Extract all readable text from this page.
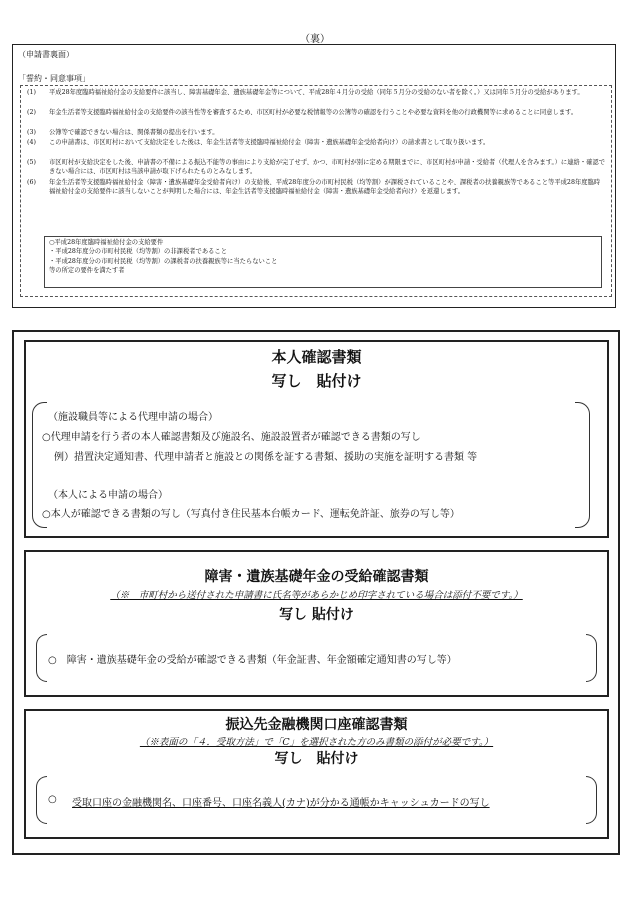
（裏）
（申請書裏面）
「誓約・同意事項」
(1) 平成28年度臨時福祉給付金の支給要件に該当し、障害基礎年金、遺族基礎年金等について、平成28年４月分の受給（同年５月分の受給のない者を除く。）又は同年５月分の受給があります。
(2) 年金生活者等支援臨時福祉給付金の支給要件の該当性等を審査するため、市区町村が必要な税情報等の公簿等の確認を行うことや必要な資料を他の行政機関等に求めることに同意します。
(3) 公簿等で確認できない場合は、関係書類の提出を行います。
(4) この申請書は、市区町村において支給決定をした後は、年金生活者等支援臨時福祉給付金（障害・遺族基礎年金受給者向け）の請求書として取り扱います。
(5) 市区町村が支給決定をした後、申請書の不備による振込不能等の事由により支給が完了せず、かつ、市町村が別に定める期限までに、市区町村が申請・受給者（代理人を含みます。）に連絡・確認できない場合には、市区町村は当該申請が取下げられたものとみなします。
(6) 年金生活者等支援臨時福祉給付金（障害・遺族基礎年金受給者向け）の支給後、平成28年度分の市町村民税（均等割）が課税されていることや、課税者の扶養親族等であること等平成28年度臨時福祉給付金の支給要件に該当しないことが判明した場合には、年金生活者等支援臨時福祉給付金（障害・遺族基礎年金受給者向け）を返還します。
○平成28年度臨時福祉給付金の支給要件
・平成28年度分の市町村民税（均等割）の非課税者であること
・平成28年度分の市町村民税（均等割）の課税者の扶養親族等に当たらないこと
等の所定の要件を満たす者
本人確認書類
写し　貼付け
（施設職員等による代理申請の場合）
○代理申請を行う者の本人確認書類及び施設名、施設設置者が確認できる書類の写し
例）措置決定通知書、代理申請者と施設との関係を証する書類、援助の実施を証明する書類 等
（本人による申請の場合）
○本人が確認できる書類の写し（写真付き住民基本台帳カード、運転免許証、旅券の写し等）
障害・遺族基礎年金の受給確認書類
（※　市町村から送付された申請書に氏名等があらかじめ印字されている場合は添付不要です。）
写し 貼付け
○　障害・遺族基礎年金の受給が確認できる書類（年金証書、年金額確定通知書の写し等）
振込先金融機関口座確認書類
（※表面の「４．受取方法」で「C」を選択された方のみ書類の添付が必要です。）
写し　貼付け
○ 受取口座の金融機関名、口座番号、口座名義人(カナ)が分かる通帳かキャッシュカードの写し
